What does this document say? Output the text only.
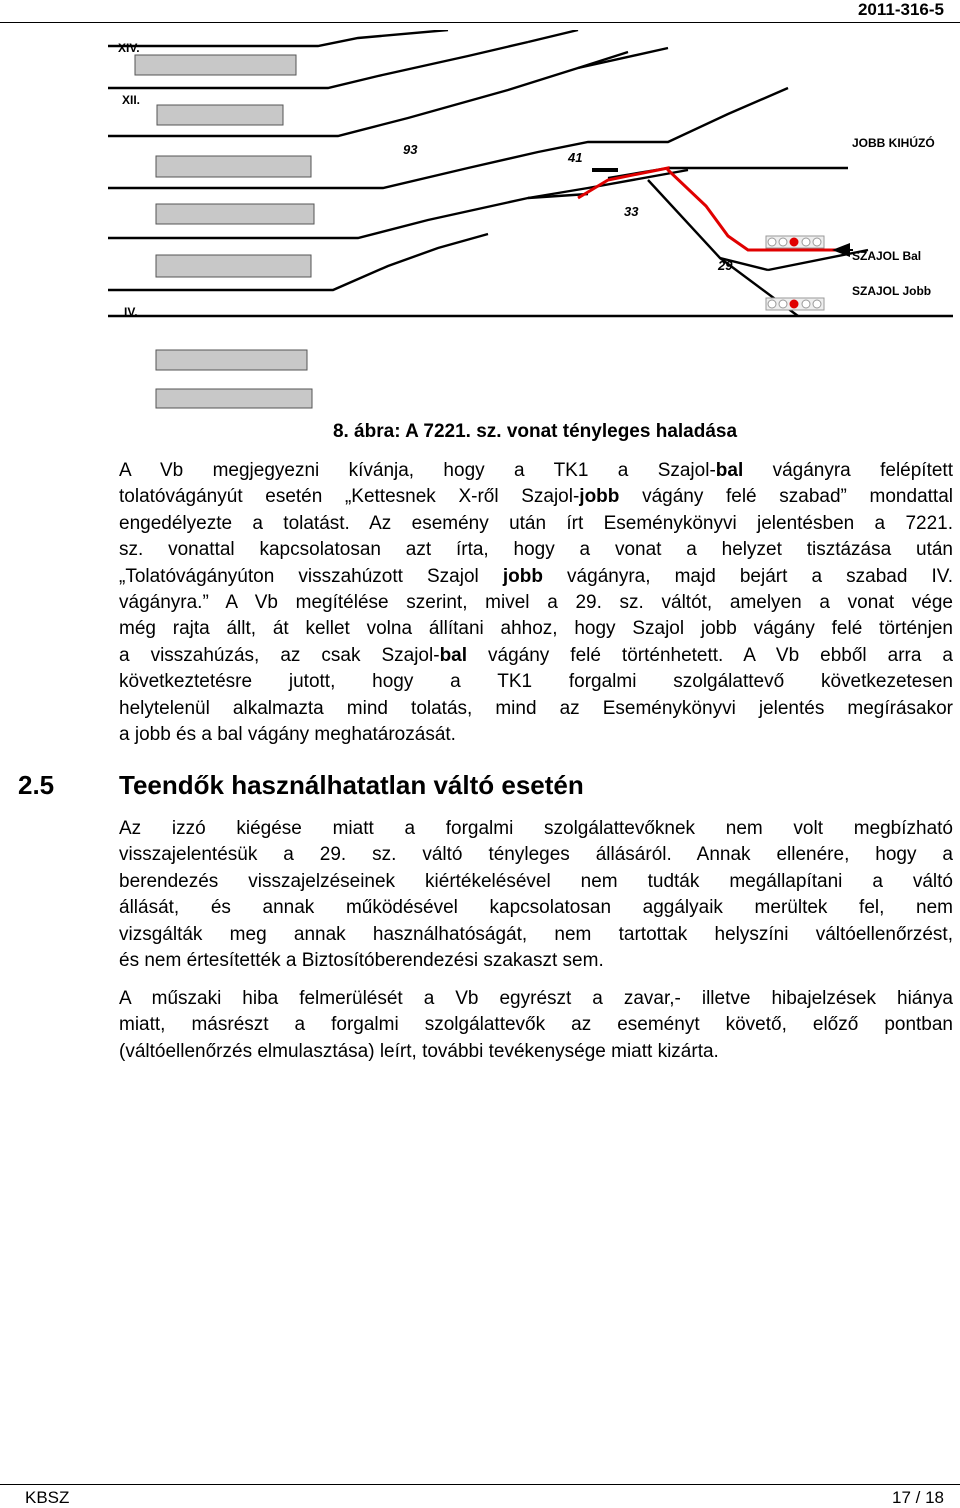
2011-316-5
XIV.
XII.
IV.
93
41
33
29
JOBB KIHÚZÓ
SZAJOL Bal
SZAJOL Jobb
8. ábra: A 7221. sz. vonat tényleges haladása
A Vb megjegyezni kívánja, hogy a TK1 a Szajol-bal vágányra felépített
tolatóvágányút esetén „Kettesnek X-ről Szajol-jobb vágány felé szabad” mondattal
engedélyezte a tolatást. Az esemény után írt Eseménykönyvi jelentésben a 7221.
sz. vonattal kapcsolatosan azt írta, hogy a vonat a helyzet tisztázása után
„Tolatóvágányúton visszahúzott Szajol jobb vágányra, majd bejárt a szabad IV.
vágányra.” A Vb megítélése szerint, mivel a 29. sz. váltót, amelyen a vonat vége
még rajta állt, át kellet volna állítani ahhoz, hogy Szajol jobb vágány felé történjen
a visszahúzás, az csak Szajol-bal vágány felé történhetett. A Vb ebből arra a
következtetésre jutott, hogy a TK1 forgalmi szolgálattevő következetesen
helytelenül alkalmazta mind tolatás, mind az Eseménykönyvi jelentés megírásakor
a jobb és a bal vágány meghatározását.
2.5 Teendők használhatatlan váltó esetén
Az izzó kiégése miatt a forgalmi szolgálattevőknek nem volt megbízható
visszajelentésük a 29. sz. váltó tényleges állásáról. Annak ellenére, hogy a
berendezés visszajelzéseinek kiértékelésével nem tudták megállapítani a váltó
állását, és annak működésével kapcsolatosan aggályaik merültek fel, nem
vizsgálták meg annak használhatóságát, nem tartottak helyszíni váltóellenőrzést,
és nem értesítették a Biztosítóberendezési szakaszt sem.
A műszaki hiba felmerülését a Vb egyrészt a zavar,- illetve hibajelzések hiánya
miatt, másrészt a forgalmi szolgálattevők az eseményt követő, előző pontban
(váltóellenőrzés elmulasztása) leírt, további tevékenysége miatt kizárta.
KBSZ	17 / 18
